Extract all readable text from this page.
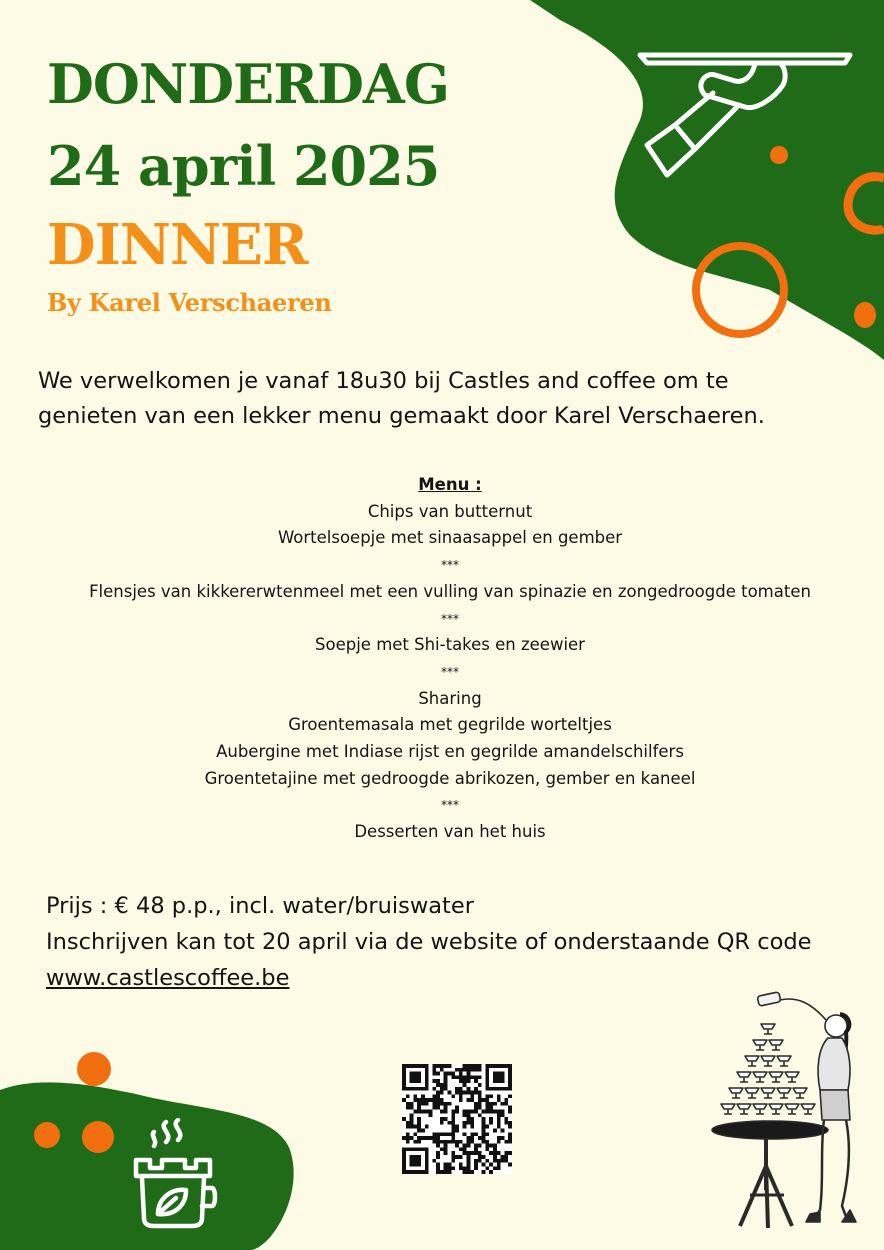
DONDERDAG
24 april 2025
DINNER
By Karel Verschaeren

We verwelkomen je vanaf 18u30 bij Castles and coffee om te genieten van een lekker menu gemaakt door Karel Verschaeren.

Menu :
Chips van butternut
Wortelsoepje met sinaasappel en gember
***
Flensjes van kikkererwtenmeel met een vulling van spinazie en zongedroogde tomaten
***
Soepje met Shi-takes en zeewier
***
Sharing
Groentemasala met gegrilde worteltjes
Aubergine met Indiase rijst en gegrilde amandelschilfers
Groentetajine met gedroogde abrikozen, gember en kaneel
***
Desserten van het huis
Prijs : € 48 p.p., incl. water/bruiswater
Inschrijven kan tot 20 april via de website of onderstaande QR code
www.castlescoffee.be
